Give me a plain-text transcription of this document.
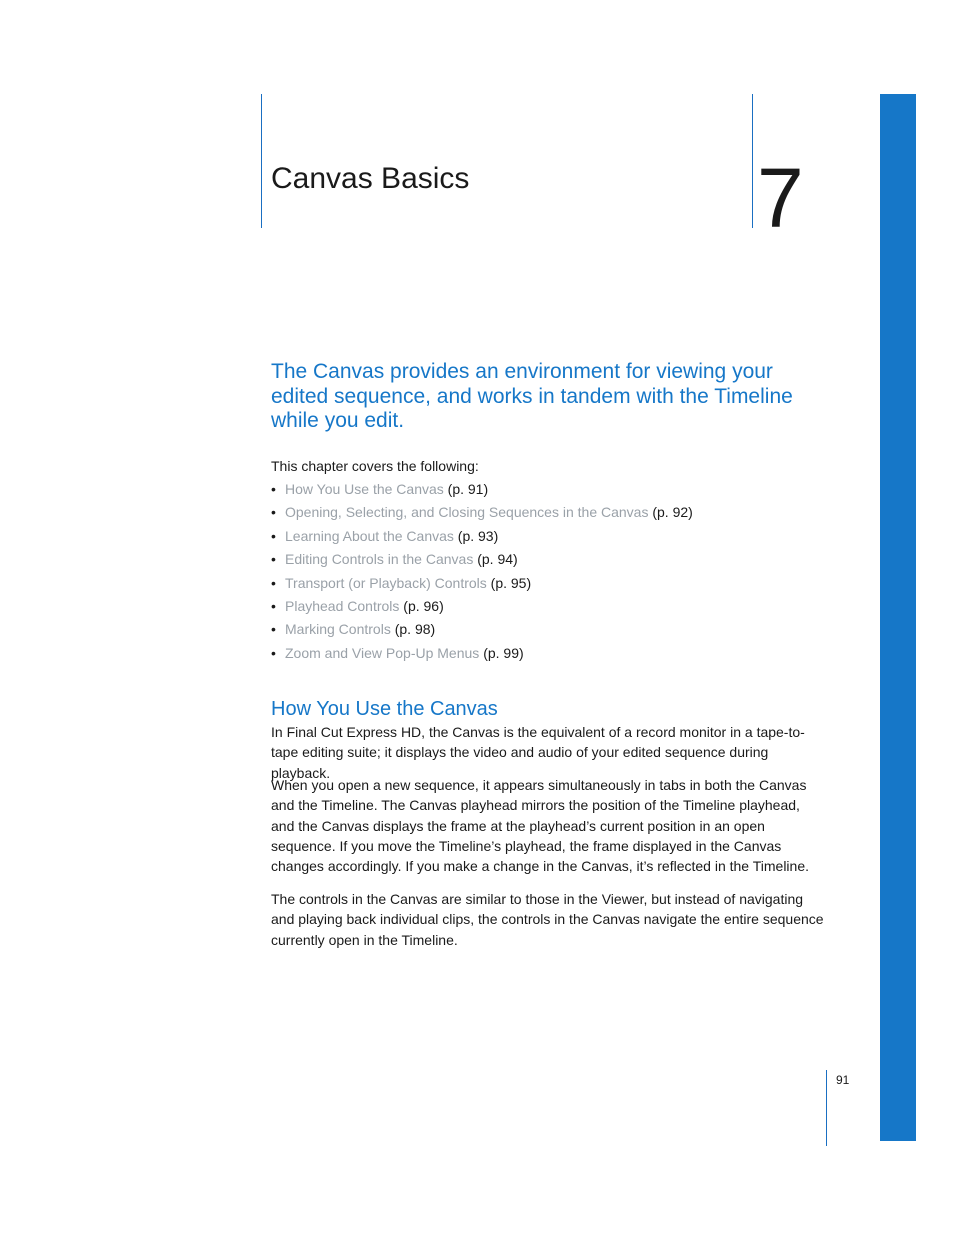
Canvas Basics	7
The Canvas provides an environment for viewing your edited sequence, and works in tandem with the Timeline while you edit.
This chapter covers the following:
• How You Use the Canvas (p. 91)
• Opening, Selecting, and Closing Sequences in the Canvas (p. 92)
• Learning About the Canvas (p. 93)
• Editing Controls in the Canvas (p. 94)
• Transport (or Playback) Controls (p. 95)
• Playhead Controls (p. 96)
• Marking Controls (p. 98)
• Zoom and View Pop-Up Menus (p. 99)
How You Use the Canvas

In Final Cut Express HD, the Canvas is the equivalent of a record monitor in a tape-to-tape editing suite; it displays the video and audio of your edited sequence during playback.

When you open a new sequence, it appears simultaneously in tabs in both the Canvas and the Timeline. The Canvas playhead mirrors the position of the Timeline playhead, and the Canvas displays the frame at the playhead’s current position in an open sequence. If you move the Timeline’s playhead, the frame displayed in the Canvas changes accordingly. If you make a change in the Canvas, it’s reflected in the Timeline.

The controls in the Canvas are similar to those in the Viewer, but instead of navigating and playing back individual clips, the controls in the Canvas navigate the entire sequence currently open in the Timeline.

91
